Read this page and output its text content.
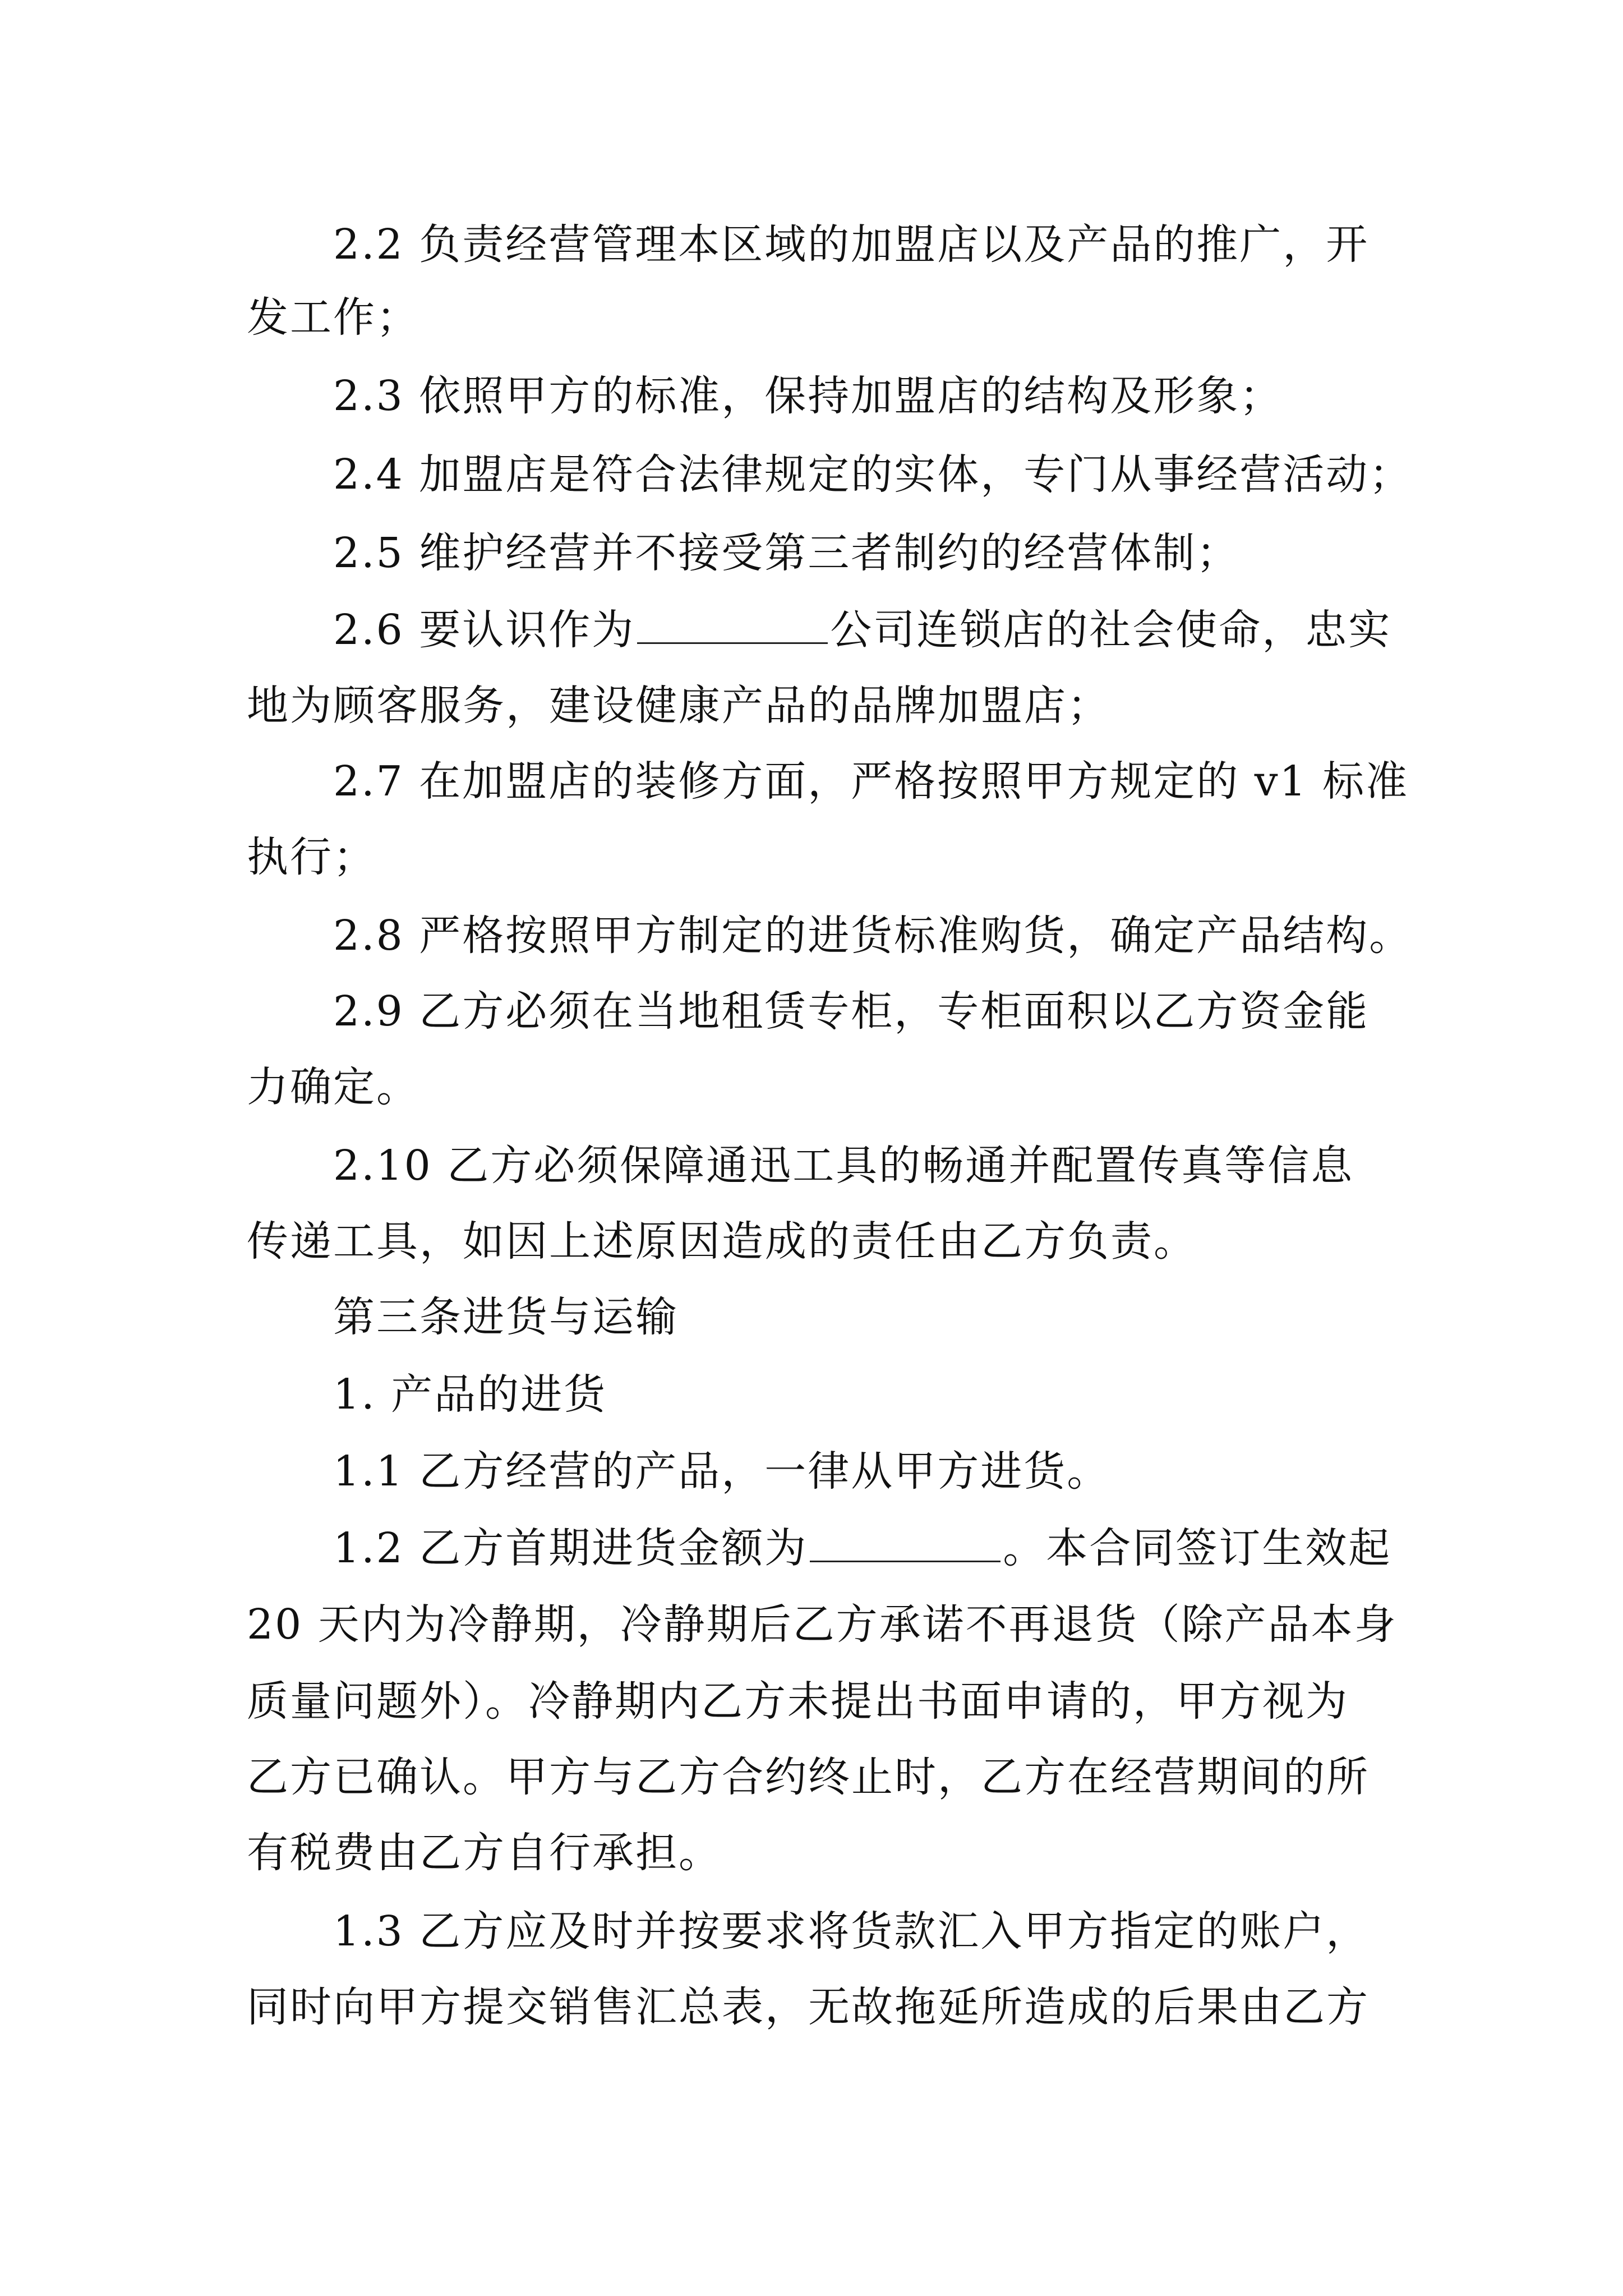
2.2 负责经营管理本区域的加盟店以及产品的推广，开
发工作；
2.3 依照甲方的标准，保持加盟店的结构及形象；
2.4 加盟店是符合法律规定的实体，专门从事经营活动；
2.5 维护经营并不接受第三者制约的经营体制；
2.6 要认识作为	公司连锁店的社会使命，忠实
地为顾客服务，建设健康产品的品牌加盟店；
2.7 在加盟店的装修方面，严格按照甲方规定的 v1 标准
执行；
2.8 严格按照甲方制定的进货标准购货，确定产品结构。
2.9 乙方必须在当地租赁专柜，专柜面积以乙方资金能
力确定。
2.10 乙方必须保障通迅工具的畅通并配置传真等信息
传递工具，如因上述原因造成的责任由乙方负责。
第三条进货与运输
1. 产品的进货
1.1 乙方经营的产品，一律从甲方进货。
1.2 乙方首期进货金额为	。本合同签订生效起
20 天内为冷静期，冷静期后乙方承诺不再退货（除产品本身
质量问题外）。冷静期内乙方未提出书面申请的，甲方视为
乙方已确认。甲方与乙方合约终止时，乙方在经营期间的所
有税费由乙方自行承担。
1.3 乙方应及时并按要求将货款汇入甲方指定的账户，
同时向甲方提交销售汇总表，无故拖延所造成的后果由乙方
